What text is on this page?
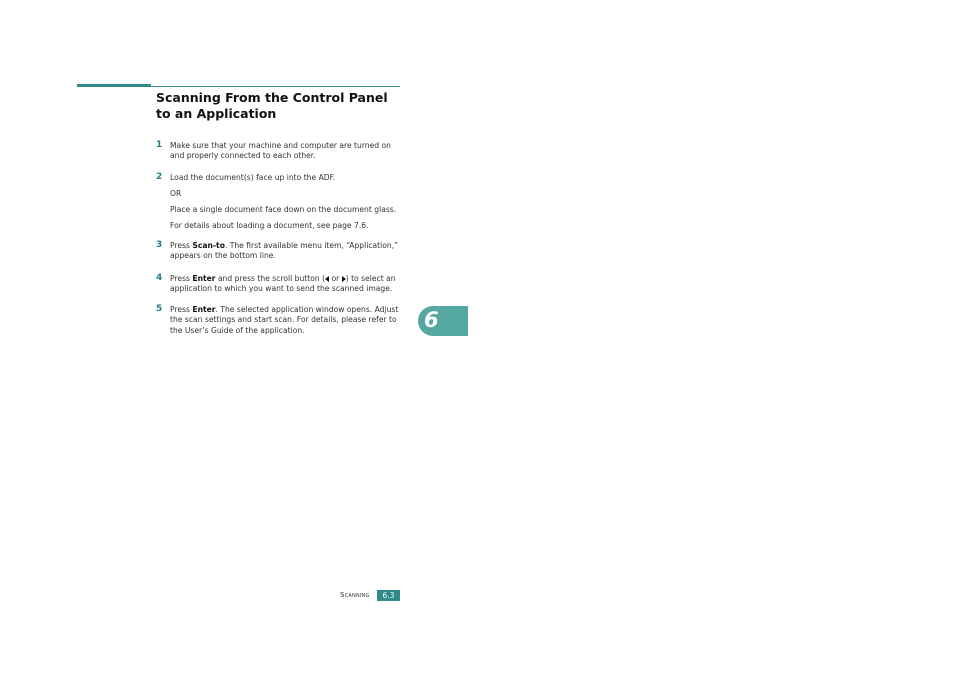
Scanning From the Control Panel to an Application
1 Make sure that your machine and computer are turned on and properly connected to each other.
2 Load the document(s) face up into the ADF.
OR
Place a single document face down on the document glass.
For details about loading a document, see page 7.6.
3 Press Scan-to. The first available menu item, “Application,” appears on the bottom line.
4 Press Enter and press the scroll button ( or ) to select an application to which you want to send the scanned image.
5 Press Enter. The selected application window opens. Adjust the scan settings and start scan. For details, please refer to the User’s Guide of the application.	6
Scanning	6.3
